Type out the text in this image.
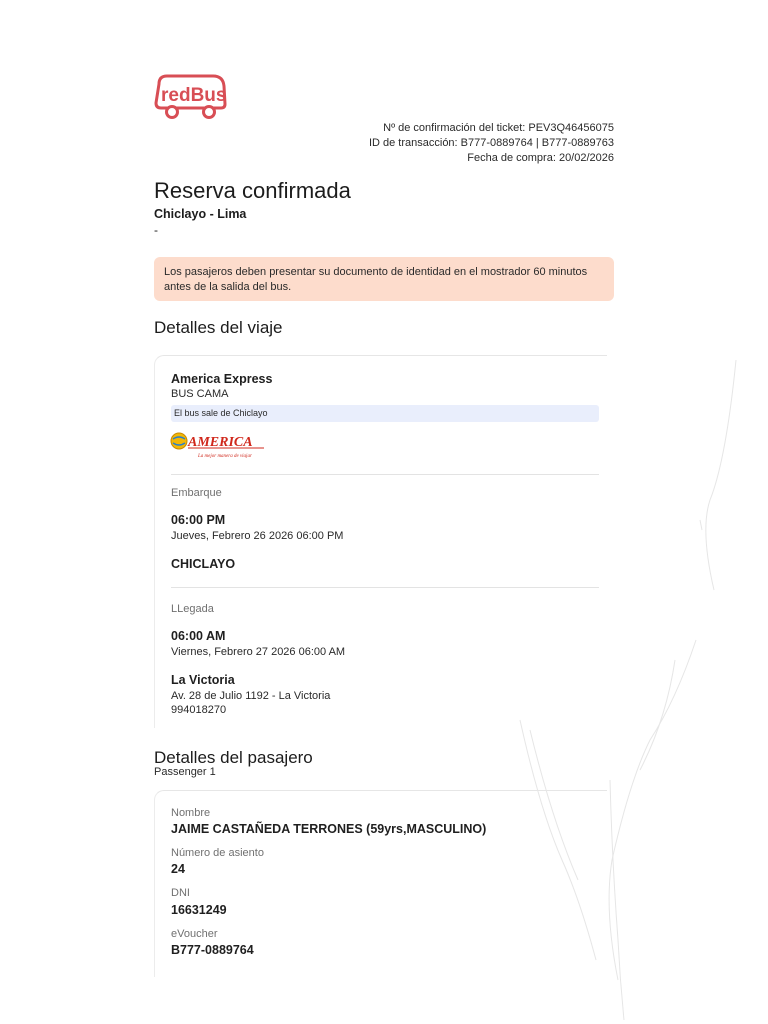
redBus
Nº de confirmación del ticket: PEV3Q46456075
ID de transacción: B777-0889764 | B777-0889763
Fecha de compra: 20/02/2026
Reserva confirmada
Chiclayo - Lima
-
Los pasajeros deben presentar su documento de identidad en el mostrador 60 minutos antes de la salida del bus.
Detalles del viaje
America Express
BUS CAMA
El bus sale de Chiclayo
AMERICA
La mejor manera de viajar
Embarque
06:00 PM
Jueves, Febrero 26 2026 06:00 PM
CHICLAYO
LLegada
06:00 AM
Viernes, Febrero 27 2026 06:00 AM
La Victoria
Av. 28 de Julio 1192 - La Victoria
994018270
Detalles del pasajero
Passenger 1
Nombre
JAIME CASTAÑEDA TERRONES (59yrs,MASCULINO)
Número de asiento
24
DNI
16631249
eVoucher
B777-0889764
